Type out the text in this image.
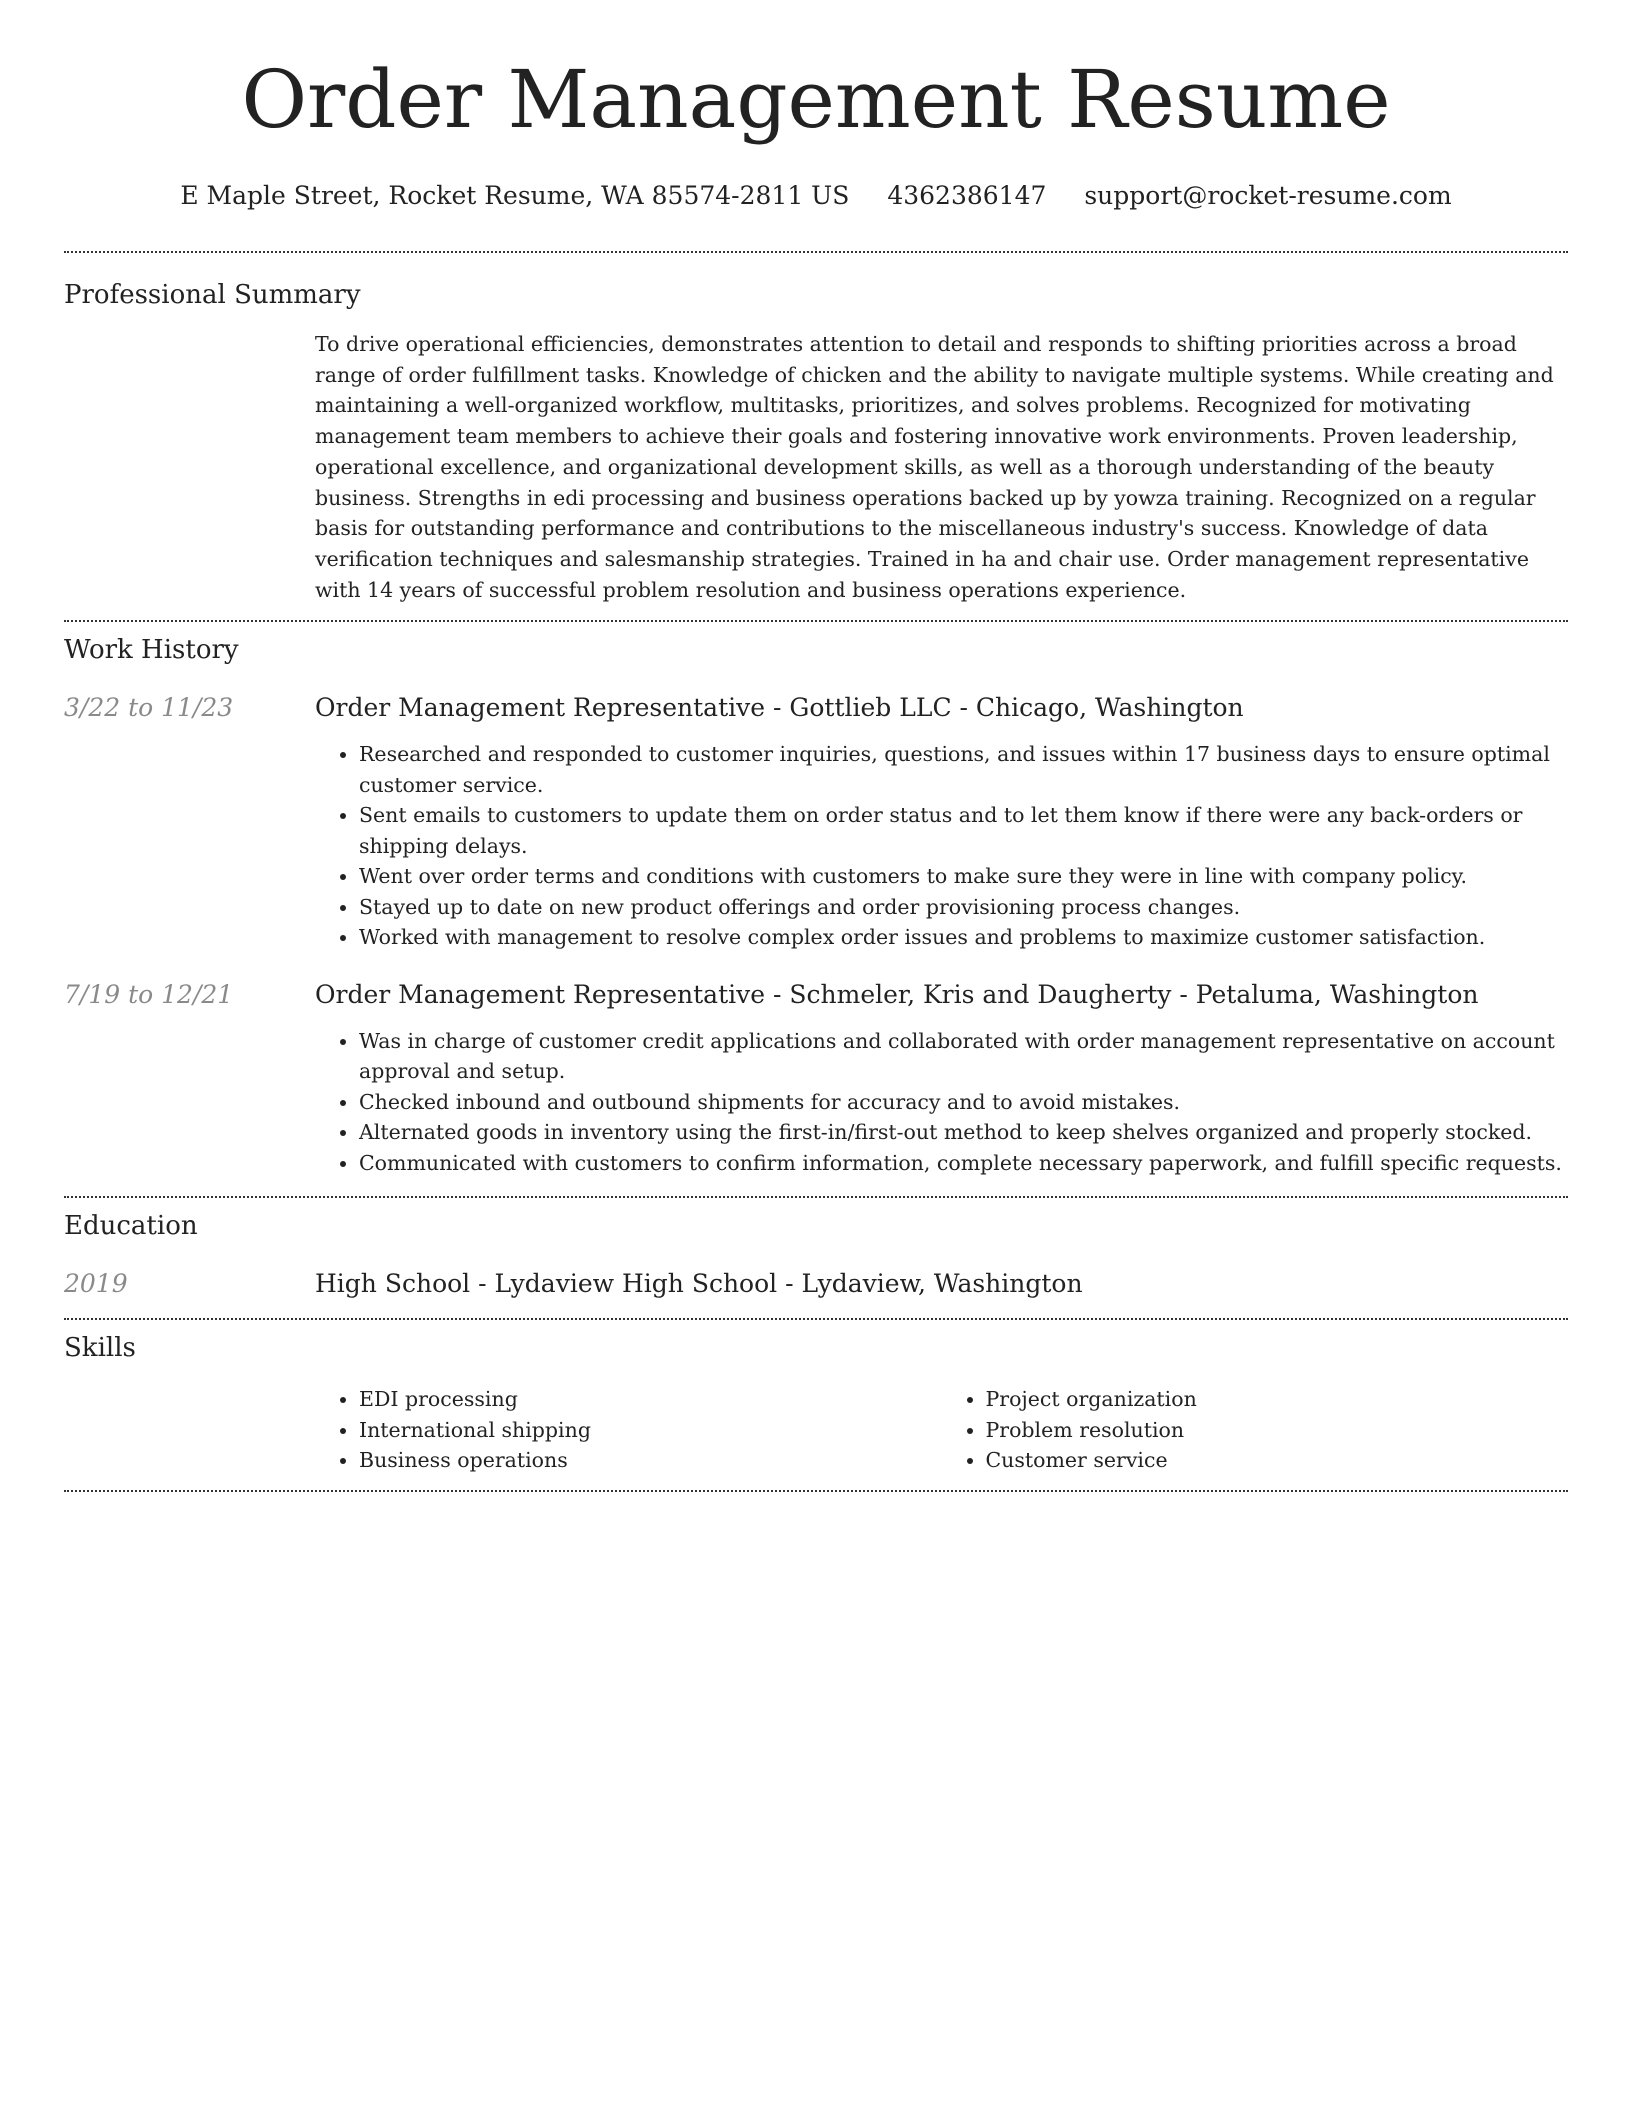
Order Management Resume
E Maple Street, Rocket Resume, WA 85574-2811 US 4362386147 support@rocket-resume.com
Professional Summary

To drive operational efficiencies, demonstrates attention to detail and responds to shifting priorities across a broad range of order fulfillment tasks. Knowledge of chicken and the ability to navigate multiple systems. While creating and maintaining a well-organized workflow, multitasks, prioritizes, and solves problems. Recognized for motivating management team members to achieve their goals and fostering innovative work environments. Proven leadership, operational excellence, and organizational development skills, as well as a thorough understanding of the beauty business. Strengths in edi processing and business operations backed up by yowza training. Recognized on a regular basis for outstanding performance and contributions to the miscellaneous industry's success. Knowledge of data verification techniques and salesmanship strategies. Trained in ha and chair use. Order management representative with 14 years of successful problem resolution and business operations experience.

Work History
3/22 to 11/23	Order Management Representative - Gottlieb LLC - Chicago, Washington
• Researched and responded to customer inquiries, questions, and issues within 17 business days to ensure optimal customer service.
• Sent emails to customers to update them on order status and to let them know if there were any back-orders or shipping delays.
• Went over order terms and conditions with customers to make sure they were in line with company policy.
• Stayed up to date on new product offerings and order provisioning process changes.
• Worked with management to resolve complex order issues and problems to maximize customer satisfaction.
7/19 to 12/21	Order Management Representative - Schmeler, Kris and Daugherty - Petaluma, Washington
• Was in charge of customer credit applications and collaborated with order management representative on account approval and setup.
• Checked inbound and outbound shipments for accuracy and to avoid mistakes.
• Alternated goods in inventory using the first-in/first-out method to keep shelves organized and properly stocked.
• Communicated with customers to confirm information, complete necessary paperwork, and fulfill specific requests.
Education
2019	High School - Lydaview High School - Lydaview, Washington
Skills
• EDI processing
• International shipping
• Business operations
• Project organization
• Problem resolution
• Customer service
